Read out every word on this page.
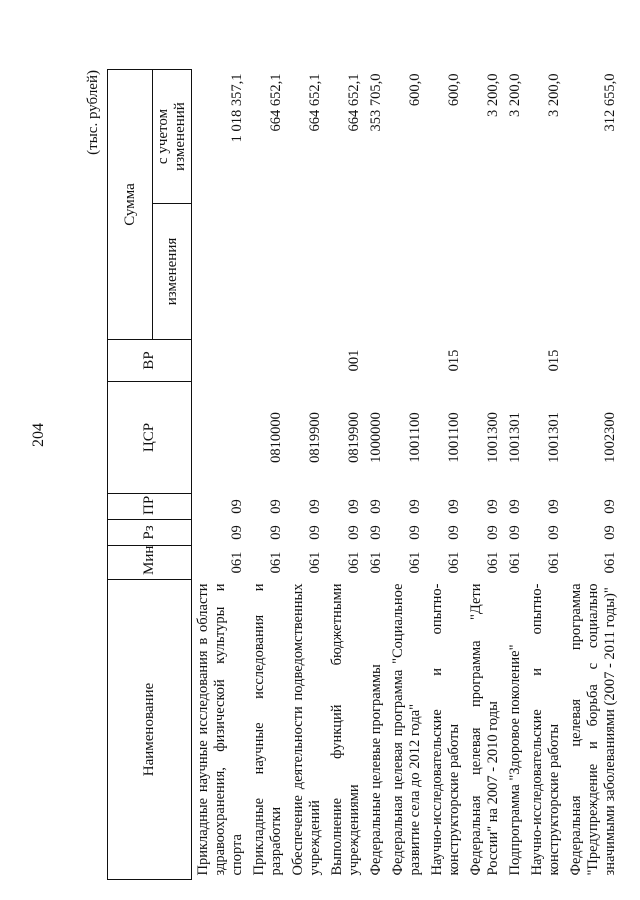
204
(тыс. рублей)
Наименование	Мин	Рз	ПР	ЦСР	ВР	Сумма	
						изменения	с учетом изменений
Прикладные научные исследования в области здравоохранения, физической культуры и спорта	061	09	09				1 018 357,1
Прикладные научные исследования и разработки	061	09	09	0810000			664 652,1
Обеспечение деятельности подведомственных учреждений	061	09	09	0819900			664 652,1
Выполнение функций бюджетными учреждениями	061	09	09	0819900	001		664 652,1
Федеральные целевые программы	061	09	09	1000000			353 705,0
Федеральная целевая программа "Социальное развитие села до 2012 года"	061	09	09	1001100			600,0
Научно-исследовательские и опытно-конструкторские работы	061	09	09	1001100	015		600,0
Федеральная целевая программа "Дети России" на 2007 - 2010 годы	061	09	09	1001300			3 200,0
Подпрограмма "Здоровое поколение"	061	09	09	1001301			3 200,0
Научно-исследовательские и опытно-конструкторские работы	061	09	09	1001301	015		3 200,0
Федеральная целевая программа "Предупреждение и борьба с социально значимыми заболеваниями (2007 - 2011 годы)"	061	09	09	1002300			312 655,0
